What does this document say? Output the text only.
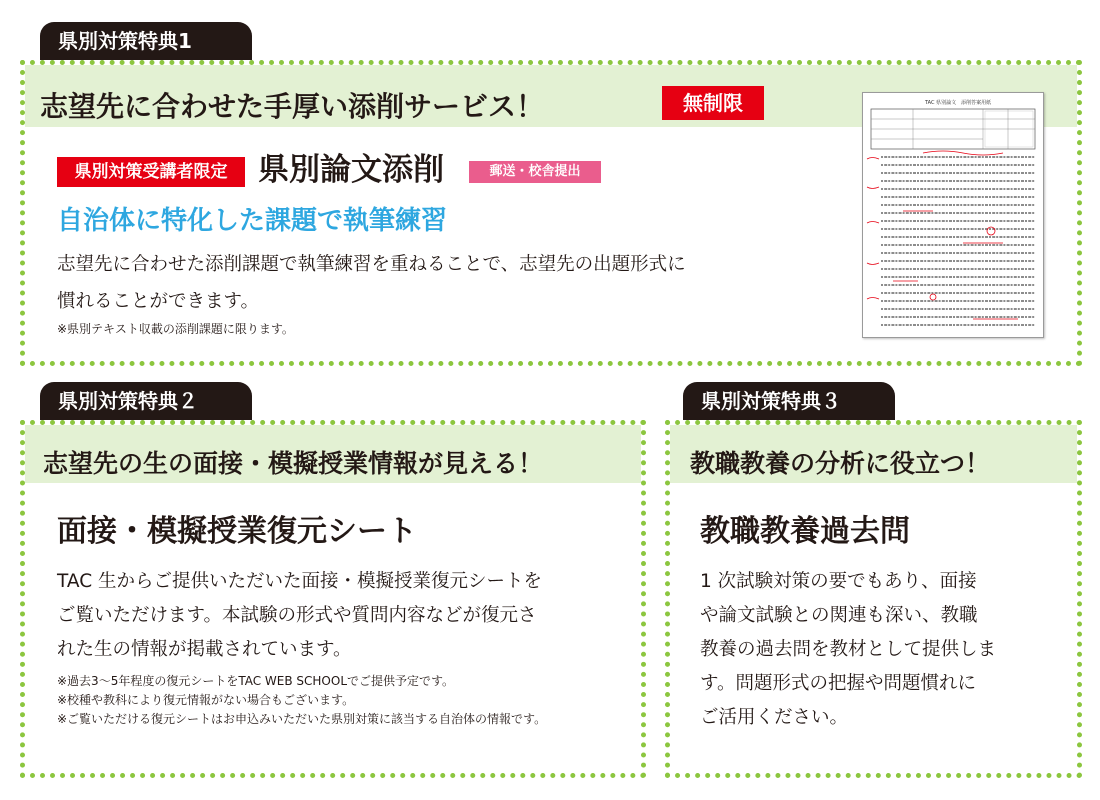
県別対策特典1
志望先に合わせた手厚い添削サービス！	無制限
県別対策受講者限定 県別論文添削	郵送・校舎提出
自治体に特化した課題で執筆練習
志望先に合わせた添削課題で執筆練習を重ねることで、志望先の出題形式に
慣れることができます。
※県別テキスト収載の添削課題に限ります。
TAC 県別論文　添削答案用紙
県別対策特典２
志望先の生の面接・模擬授業情報が見える！
面接・模擬授業復元シート
TAC 生からご提供いただいた面接・模擬授業復元シートを
ご覧いただけます。本試験の形式や質問内容などが復元さ
れた生の情報が掲載されています。

※過去3～5年程度の復元シートをTAC WEB SCHOOLでご提供予定です。

※校種や教科により復元情報がない場合もございます。

※ご覧いただける復元シートはお申込みいただいた県別対策に該当する自治体の情報です。

県別対策特典３
教職教養の分析に役立つ！
教職教養過去問
1 次試験対策の要でもあり、面接
や論文試験との関連も深い、教職
教養の過去問を教材として提供しま
す。問題形式の把握や問題慣れに
ご活用ください。
